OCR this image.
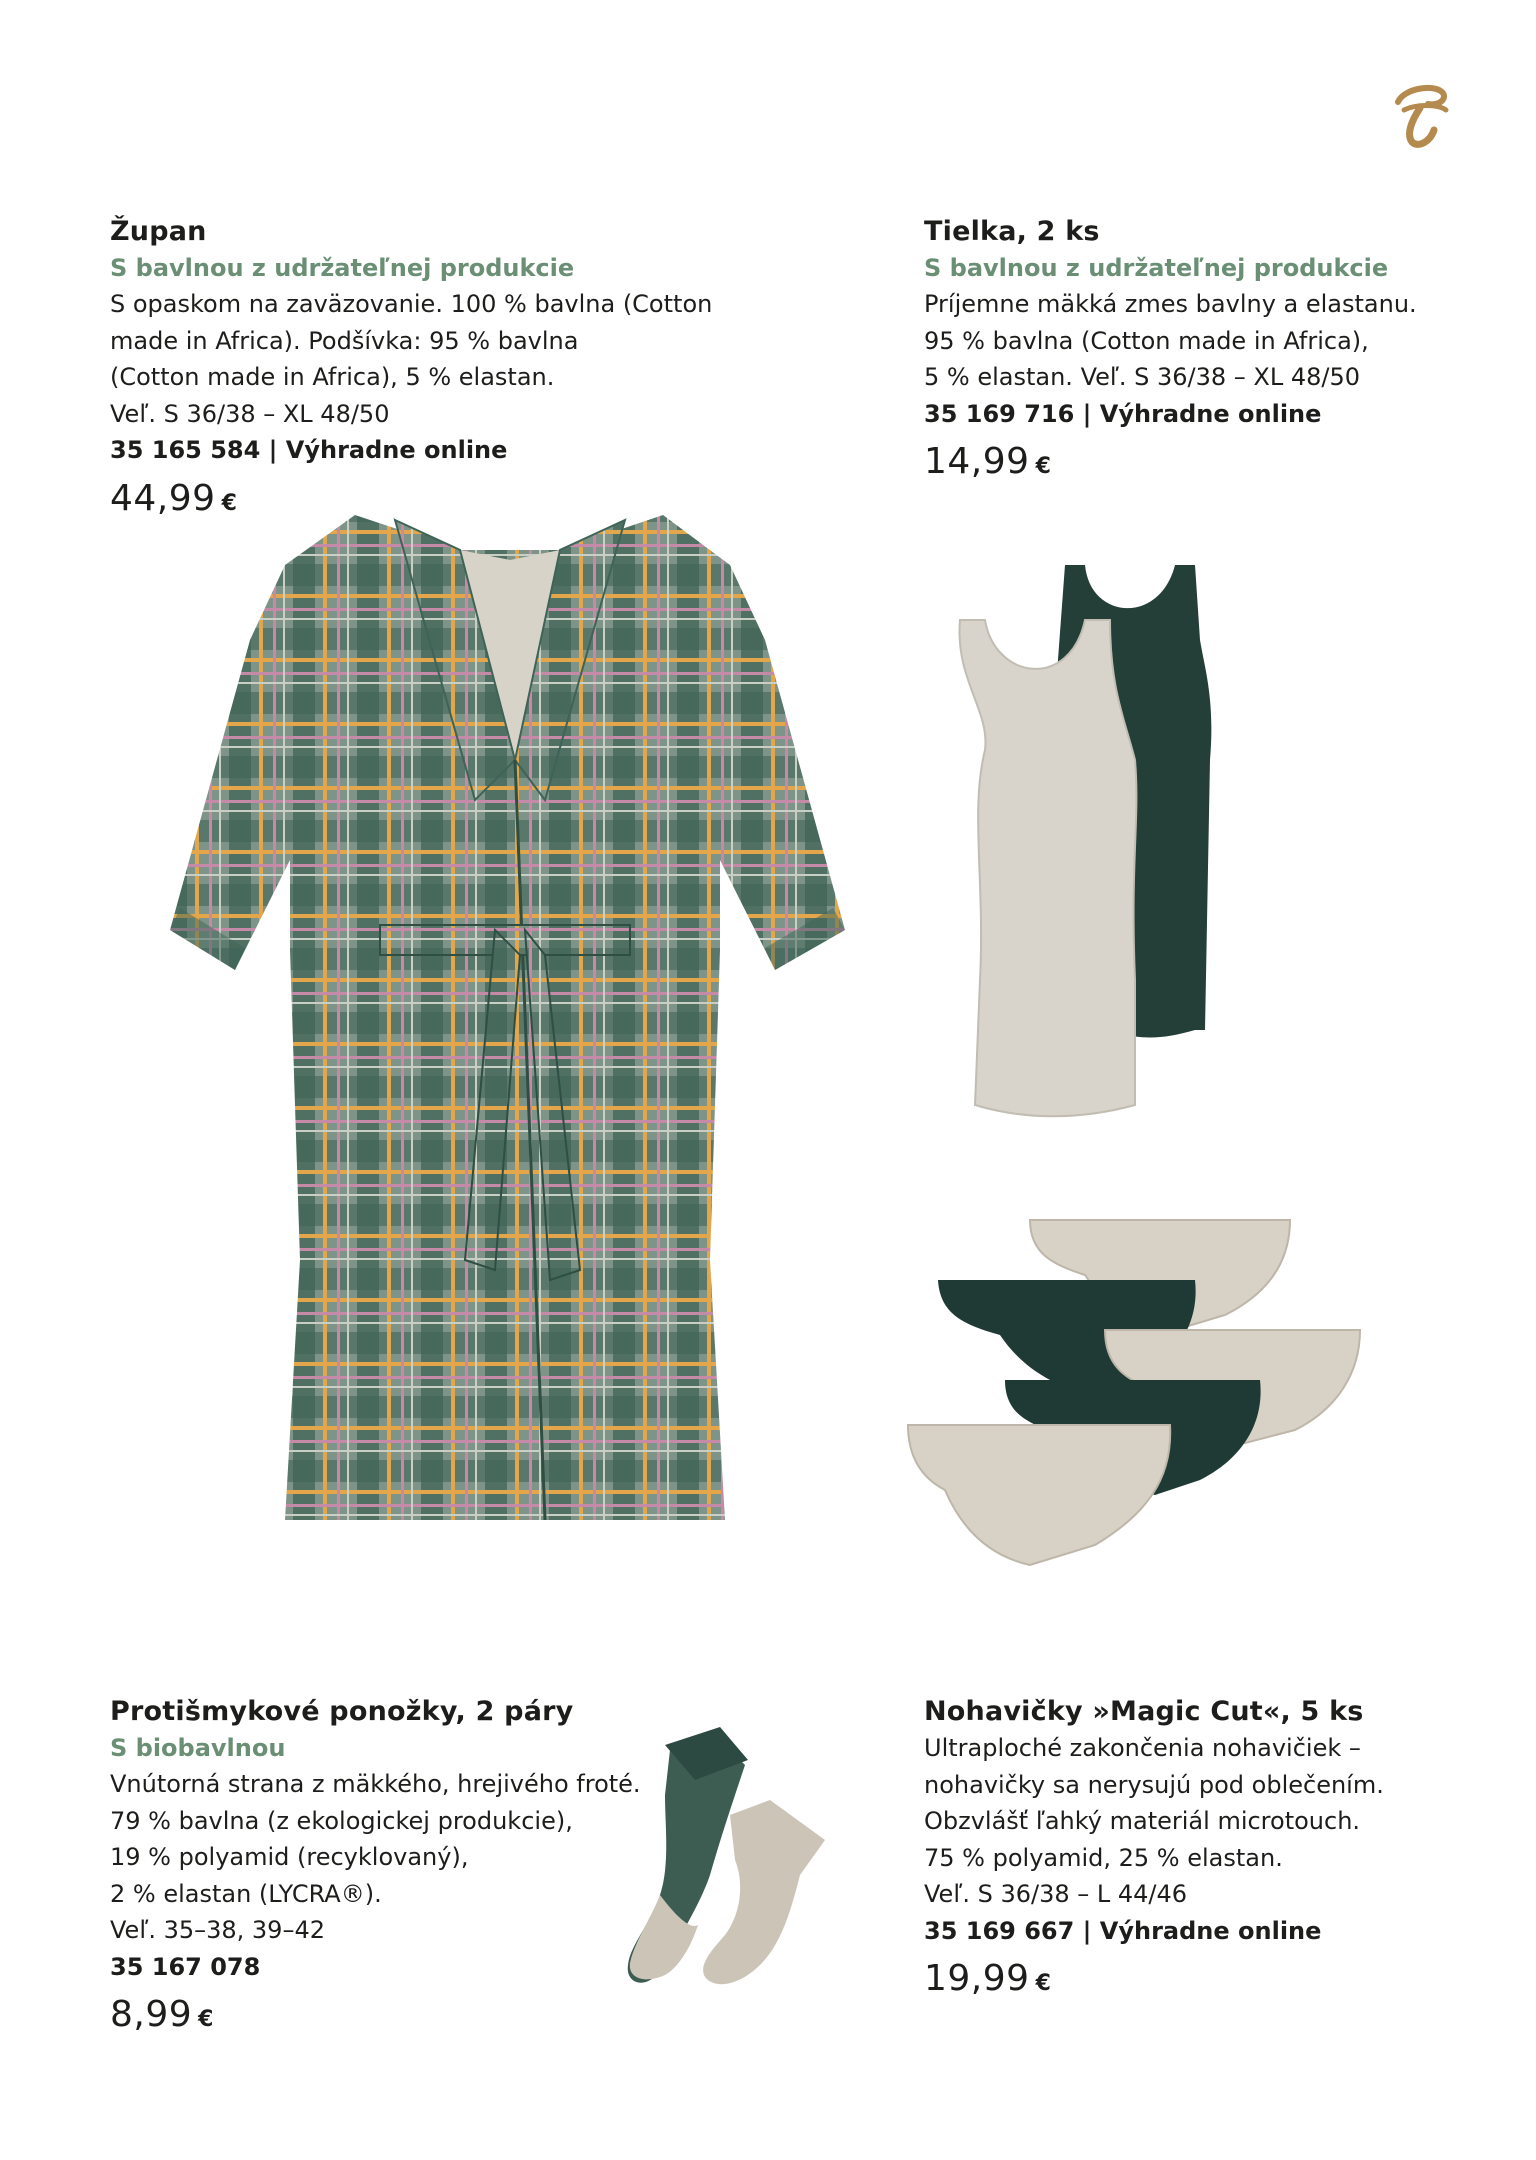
Župan

S bavlnou z udržateľnej produkcie

S opaskom na zaväzovanie. 100 % bavlna (Cotton

made in Africa). Podšívka: 95 % bavlna

(Cotton made in Africa), 5 % elastan.

Veľ. S 36/38 – XL 48/50

35 165 584 | Výhradne online

44,99 €
Tielka, 2 ks

S bavlnou z udržateľnej produkcie

Príjemne mäkká zmes bavlny a elastanu.

95 % bavlna (Cotton made in Africa),

5 % elastan. Veľ. S 36/38 – XL 48/50

35 169 716 | Výhradne online

14,99 €
Protišmykové ponožky, 2 páry

S biobavlnou

Vnútorná strana z mäkkého, hrejivého froté.

79 % bavlna (z ekologickej produkcie),

19 % polyamid (recyklovaný),

2 % elastan (LYCRA®).

Veľ. 35–38, 39–42

35 167 078

8,99 €
Nohavičky »Magic Cut«, 5 ks

Ultraploché zakončenia nohavičiek –

nohavičky sa nerysujú pod oblečením.

Obzvlášť ľahký materiál microtouch.

75 % polyamid, 25 % elastan.

Veľ. S 36/38 – L 44/46

35 169 667 | Výhradne online

19,99 €
